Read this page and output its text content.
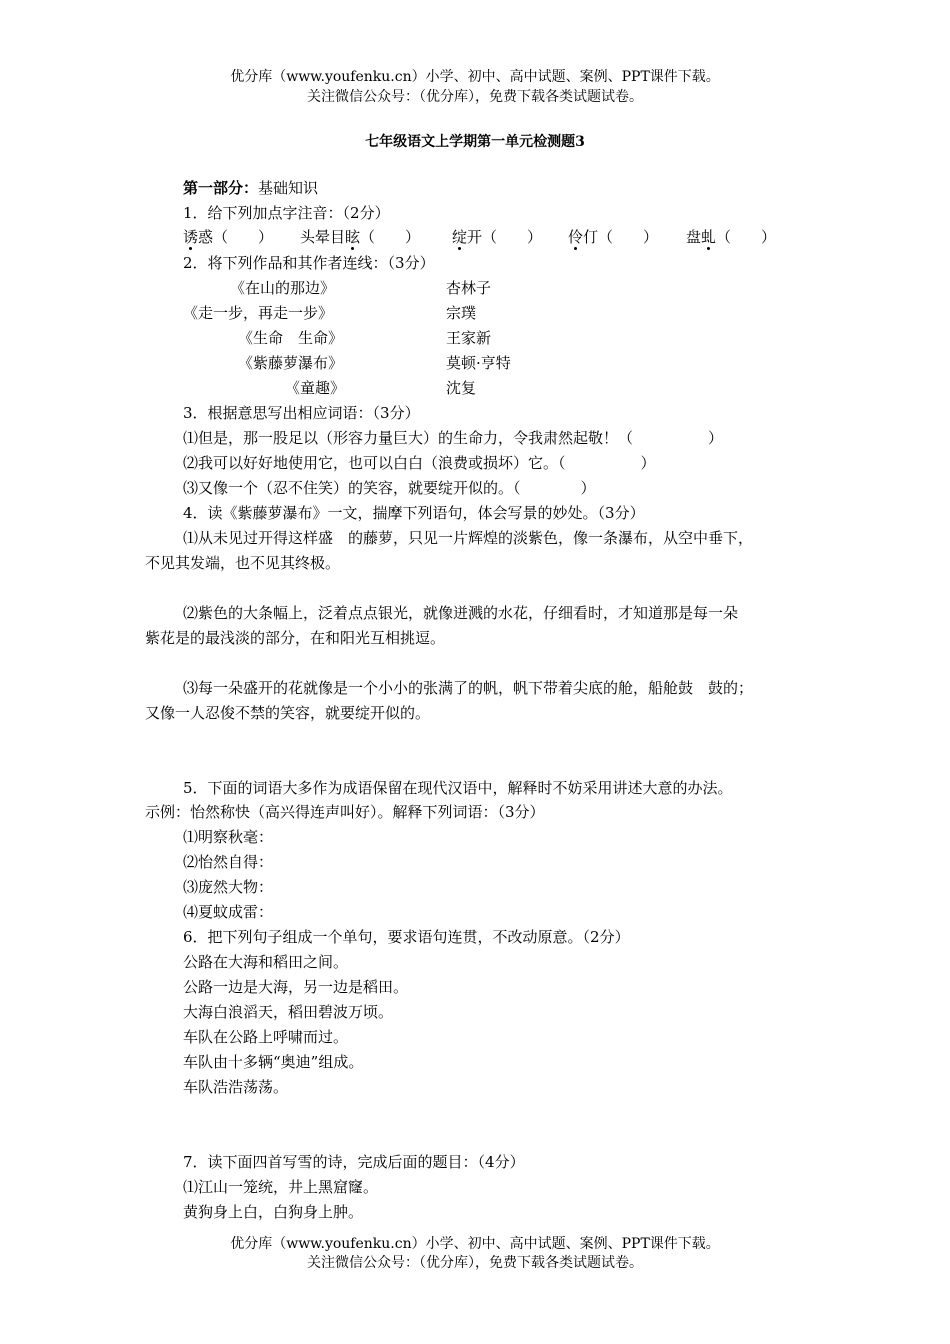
优分库（www.youfenku.cn）小学、初中、高中试题、案例、PPT课件下载。
关注微信公众号：（优分库），免费下载各类试题试卷。
七年级语文上学期第一单元检测题3
第一部分：基础知识
1．给下列加点字注音：（2分）
诱惑（　　） 头晕目眩（　　） 绽开（　　） 伶仃（　　） 盘虬（　　）
2．将下列作品和其作者连线：（3分）
《在山的那边》
《走一步，再走一步》
《生命　生命》
《紫藤萝瀑布》
《童趣》
杏林子
宗璞
王家新
莫顿·亨特
沈复
3．根据意思写出相应词语：（3分）
⑴但是，那一股足以（形容力量巨大）的生命力，令我肃然起敬！（　　　　　）
⑵我可以好好地使用它，也可以白白（浪费或损坏）它。（　　　　　）
⑶又像一个（忍不住笑）的笑容，就要绽开似的。（　　　　）
4．读《紫藤萝瀑布》一文，揣摩下列语句，体会写景的妙处。（3分）
⑴从未见过开得这样盛　的藤萝，只见一片辉煌的淡紫色，像一条瀑布，从空中垂下，
不见其发端，也不见其终极。
⑵紫色的大条幅上，泛着点点银光，就像迸溅的水花，仔细看时，才知道那是每一朵
紫花是的最浅淡的部分，在和阳光互相挑逗。
⑶每一朵盛开的花就像是一个小小的张满了的帆，帆下带着尖底的舱，船舱鼓　鼓的；
又像一人忍俊不禁的笑容，就要绽开似的。
5．下面的词语大多作为成语保留在现代汉语中，解释时不妨采用讲述大意的办法。
示例：怡然称快（高兴得连声叫好）。解释下列词语：（3分）
⑴明察秋毫：
⑵怡然自得：
⑶庞然大物：
⑷夏蚊成雷：
6．把下列句子组成一个单句，要求语句连贯，不改动原意。（2分）
公路在大海和稻田之间。
公路一边是大海，另一边是稻田。
大海白浪滔天，稻田碧波万顷。
车队在公路上呼啸而过。
车队由十多辆“奥迪”组成。
车队浩浩荡荡。
7．读下面四首写雪的诗，完成后面的题目：（4分）
⑴江山一笼统，井上黑窟窿。
黄狗身上白，白狗身上肿。
优分库（www.youfenku.cn）小学、初中、高中试题、案例、PPT课件下载。
关注微信公众号：（优分库），免费下载各类试题试卷。
